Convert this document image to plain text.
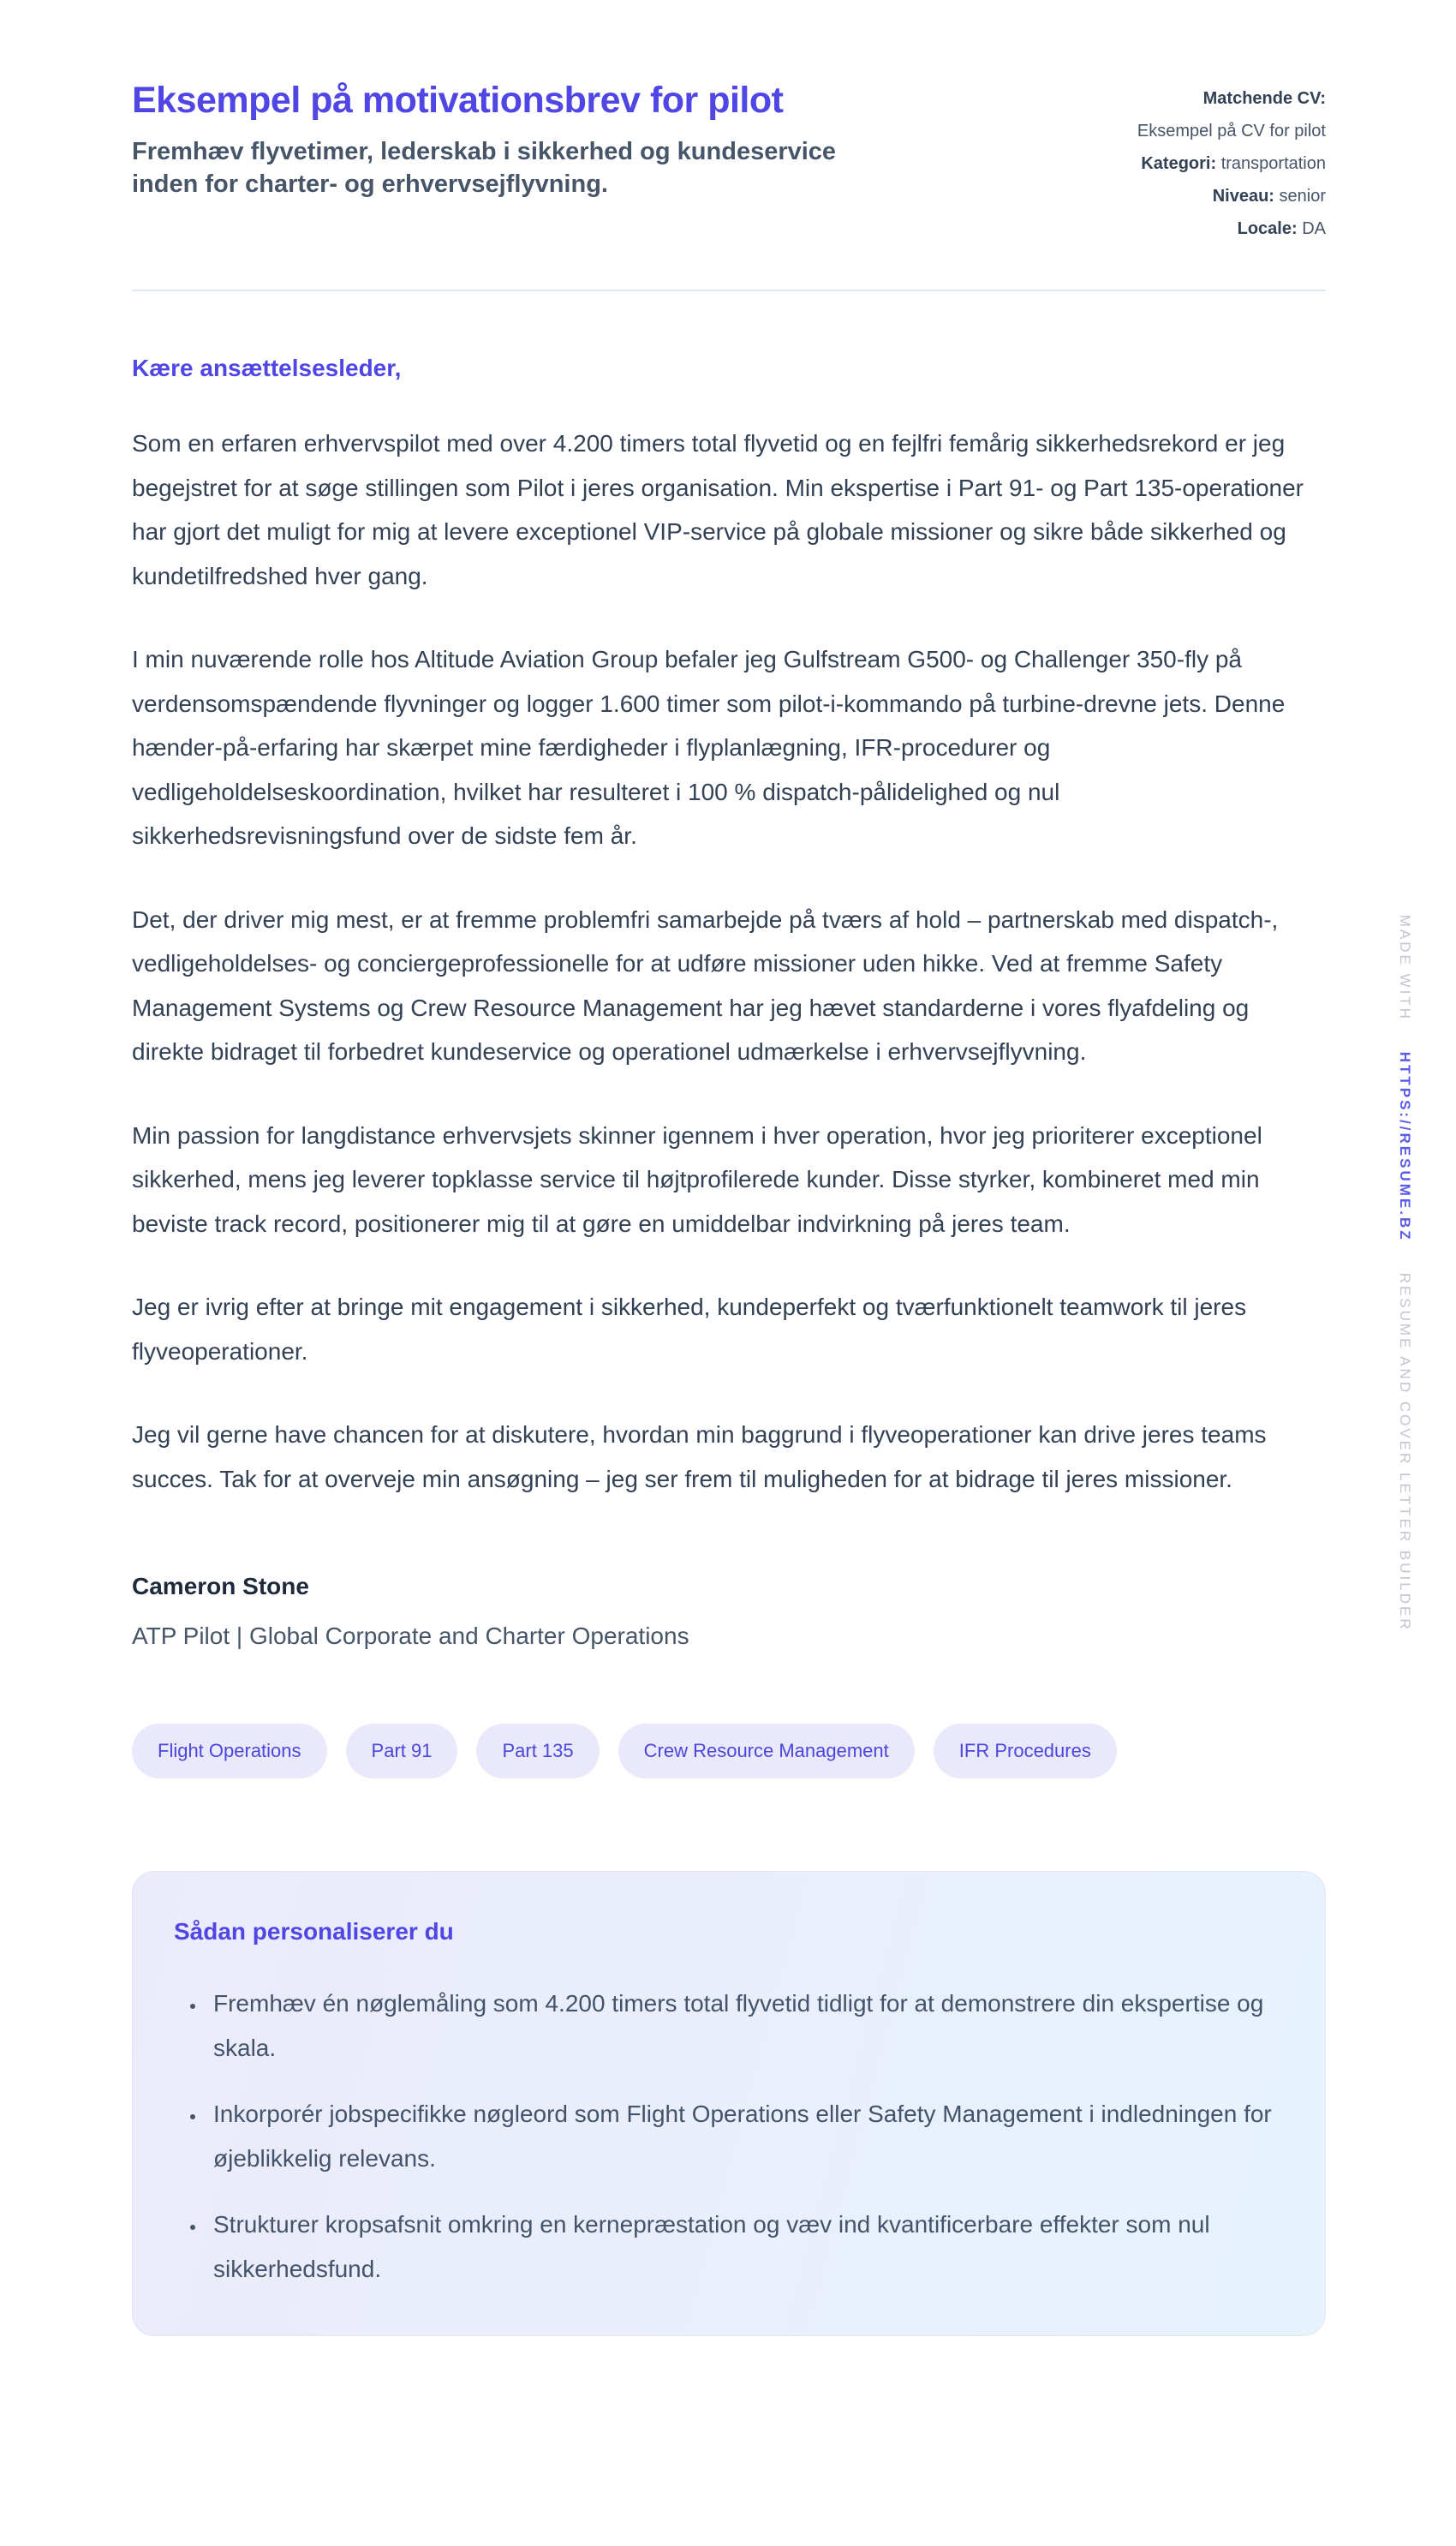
Eksempel på motivationsbrev for pilot

Fremhæv flyvetimer, lederskab i sikkerhed og kundeservice inden for charter- og erhvervsejflyvning.

Matchende CV:
Eksempel på CV for pilot
Kategori: transportation
Niveau: senior
Locale: DA

Kære ansættelsesleder,

Som en erfaren erhvervspilot med over 4.200 timers total flyvetid og en fejlfri femårig sikkerhedsrekord er jeg begejstret for at søge stillingen som Pilot i jeres organisation. Min ekspertise i Part 91- og Part 135-operationer har gjort det muligt for mig at levere exceptionel VIP-service på globale missioner og sikre både sikkerhed og kundetilfredshed hver gang.

I min nuværende rolle hos Altitude Aviation Group befaler jeg Gulfstream G500- og Challenger 350-fly på verdensomspændende flyvninger og logger 1.600 timer som pilot-i-kommando på turbine-drevne jets. Denne hænder-på-erfaring har skærpet mine færdigheder i flyplanlægning, IFR-procedurer og vedligeholdelseskoordination, hvilket har resulteret i 100 % dispatch-pålidelighed og nul sikkerhedsrevisningsfund over de sidste fem år.

Det, der driver mig mest, er at fremme problemfri samarbejde på tværs af hold – partnerskab med dispatch-, vedligeholdelses- og conciergeprofessionelle for at udføre missioner uden hikke. Ved at fremme Safety Management Systems og Crew Resource Management har jeg hævet standarderne i vores flyafdeling og direkte bidraget til forbedret kundeservice og operationel udmærkelse i erhvervsejflyvning.

Min passion for langdistance erhvervsjets skinner igennem i hver operation, hvor jeg prioriterer exceptionel sikkerhed, mens jeg leverer topklasse service til højtprofilerede kunder. Disse styrker, kombineret med min beviste track record, positionerer mig til at gøre en umiddelbar indvirkning på jeres team.

Jeg er ivrig efter at bringe mit engagement i sikkerhed, kundeperfekt og tværfunktionelt teamwork til jeres flyveoperationer.

Jeg vil gerne have chancen for at diskutere, hvordan min baggrund i flyveoperationer kan drive jeres teams succes. Tak for at overveje min ansøgning – jeg ser frem til muligheden for at bidrage til jeres missioner.

Cameron Stone

ATP Pilot | Global Corporate and Charter Operations

Flight Operations	Part 91	Part 135	Crew Resource Management	IFR Procedures
Sådan personaliserer du
• Fremhæv én nøglemåling som 4.200 timers total flyvetid tidligt for at demonstrere din ekspertise og skala.
• Inkorporér jobspecifikke nøgleord som Flight Operations eller Safety Management i indledningen for øjeblikkelig relevans.
• Strukturer kropsafsnit omkring en kernepræstation og væv ind kvantificerbare effekter som nul sikkerhedsfund.
MADE WITH HTTPS://RESUME.BZ RESUME AND COVER LETTER BUILDER
